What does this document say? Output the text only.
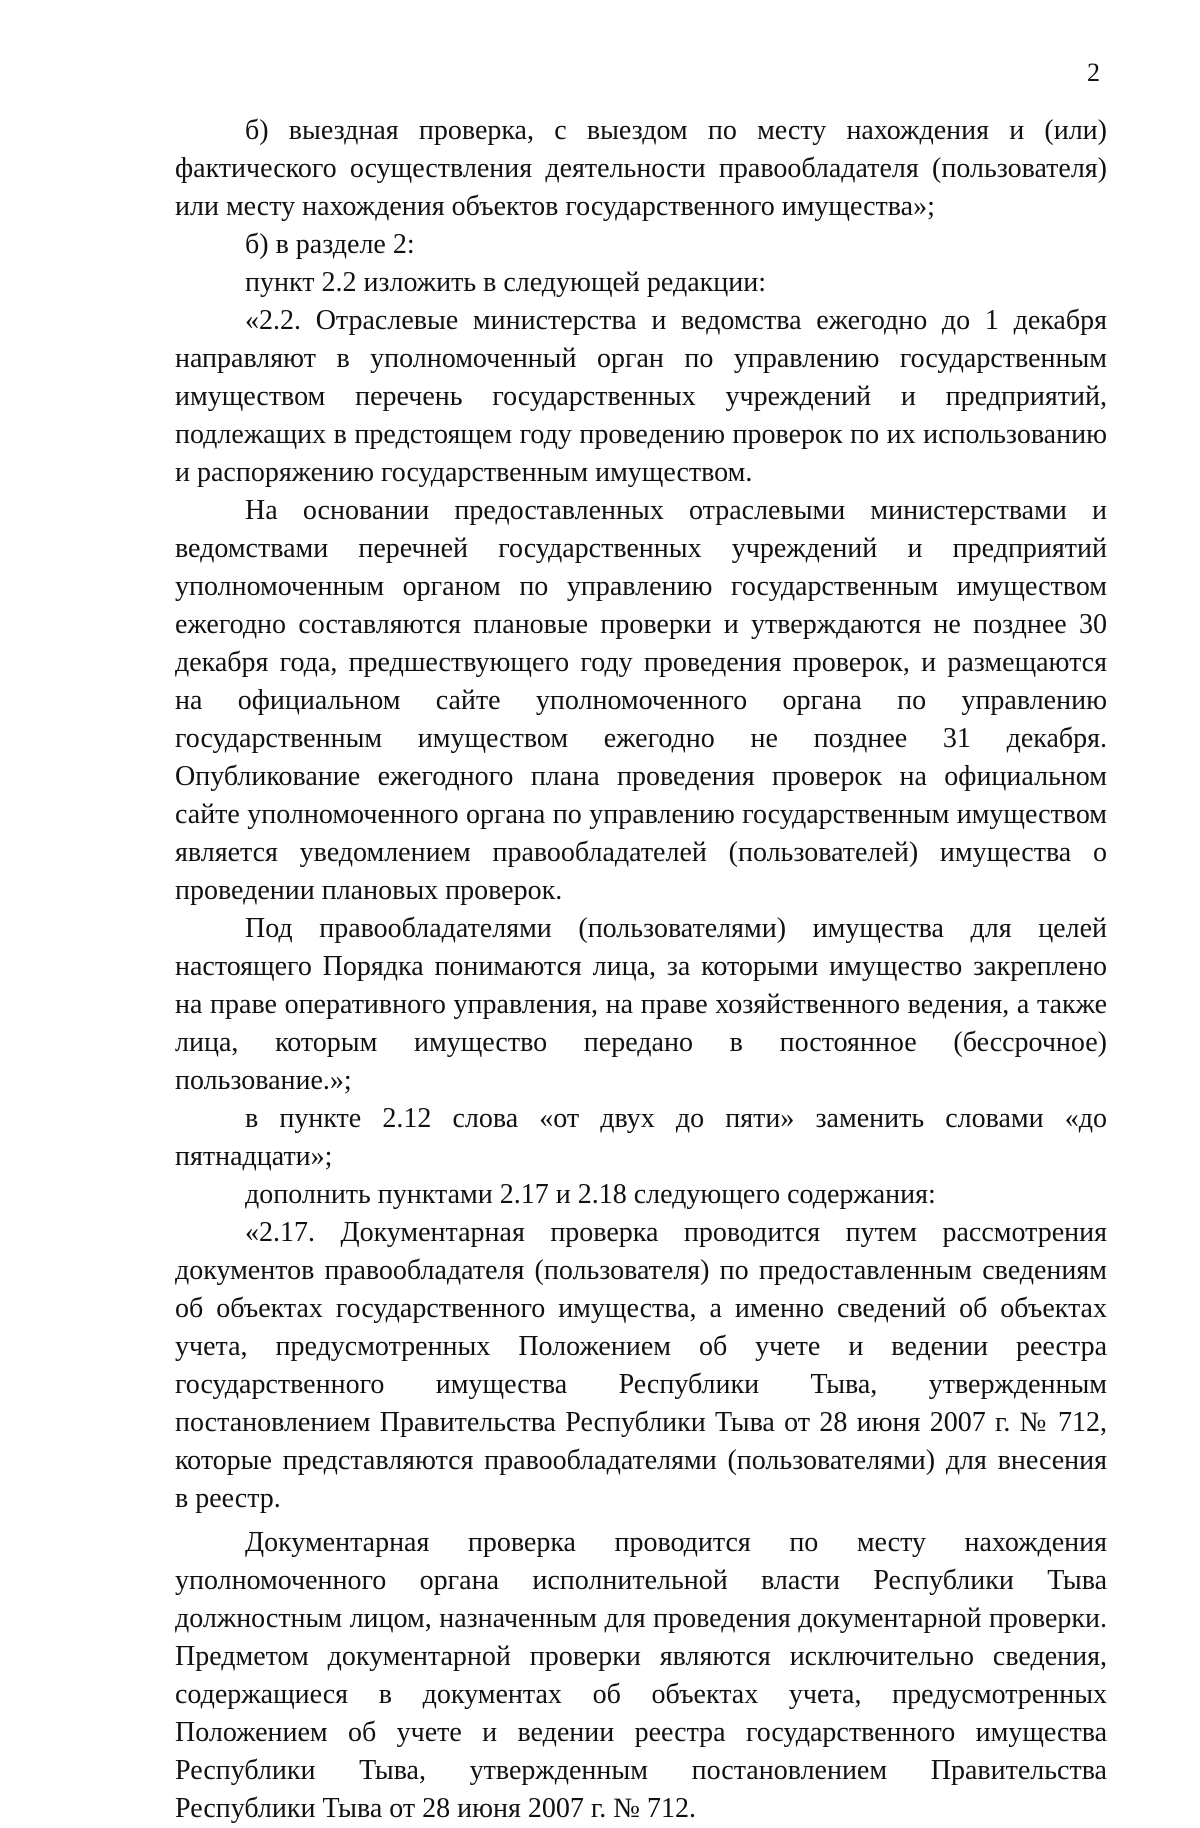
2

б) выездная проверка, с выездом по месту нахождения и (или) фактического осуществления деятельности правообладателя (пользователя) или месту нахождения объектов государственного имущества»;

б) в разделе 2:

пункт 2.2 изложить в следующей редакции:

«2.2. Отраслевые министерства и ведомства ежегодно до 1 декабря направляют в уполномоченный орган по управлению государственным имуществом перечень государственных учреждений и предприятий, подлежащих в предстоящем году проведению проверок по их использованию и распоряжению государственным имуществом.

На основании предоставленных отраслевыми министерствами и ведомствами перечней государственных учреждений и предприятий уполномоченным органом по управлению государственным имуществом ежегодно составляются плановые проверки и утверждаются не позднее 30 декабря года, предшествующего году проведения проверок, и размещаются на официальном сайте уполномоченного органа по управлению государственным имуществом ежегодно не позднее 31 декабря. Опубликование ежегодного плана проведения проверок на официальном сайте уполномоченного органа по управлению государственным имуществом является уведомлением правообладателей (пользователей) имущества о проведении плановых проверок.

Под правообладателями (пользователями) имущества для целей настоящего Порядка понимаются лица, за которыми имущество закреплено на праве оперативного управления, на праве хозяйственного ведения, а также лица, которым имущество передано в постоянное (бессрочное) пользование.»;

в пункте 2.12 слова «от двух до пяти» заменить словами «до пятнадцати»;

дополнить пунктами 2.17 и 2.18 следующего содержания:

«2.17. Документарная проверка проводится путем рассмотрения документов правообладателя (пользователя) по предоставленным сведениям об объектах государственного имущества, а именно сведений об объектах учета, предусмотренных Положением об учете и ведении реестра государственного имущества Республики Тыва, утвержденным постановлением Правительства Республики Тыва от 28 июня 2007 г. № 712, которые представляются правообладателями (пользователями) для внесения в реестр.

Документарная проверка проводится по месту нахождения уполномоченного органа исполнительной власти Республики Тыва должностным лицом, назначенным для проведения документарной проверки. Предметом документарной проверки являются исключительно сведения, содержащиеся в документах об объектах учета, предусмотренных Положением об учете и ведении реестра государственного имущества Республики Тыва, утвержденным постановлением Правительства Республики Тыва от 28 июня 2007 г. № 712.
